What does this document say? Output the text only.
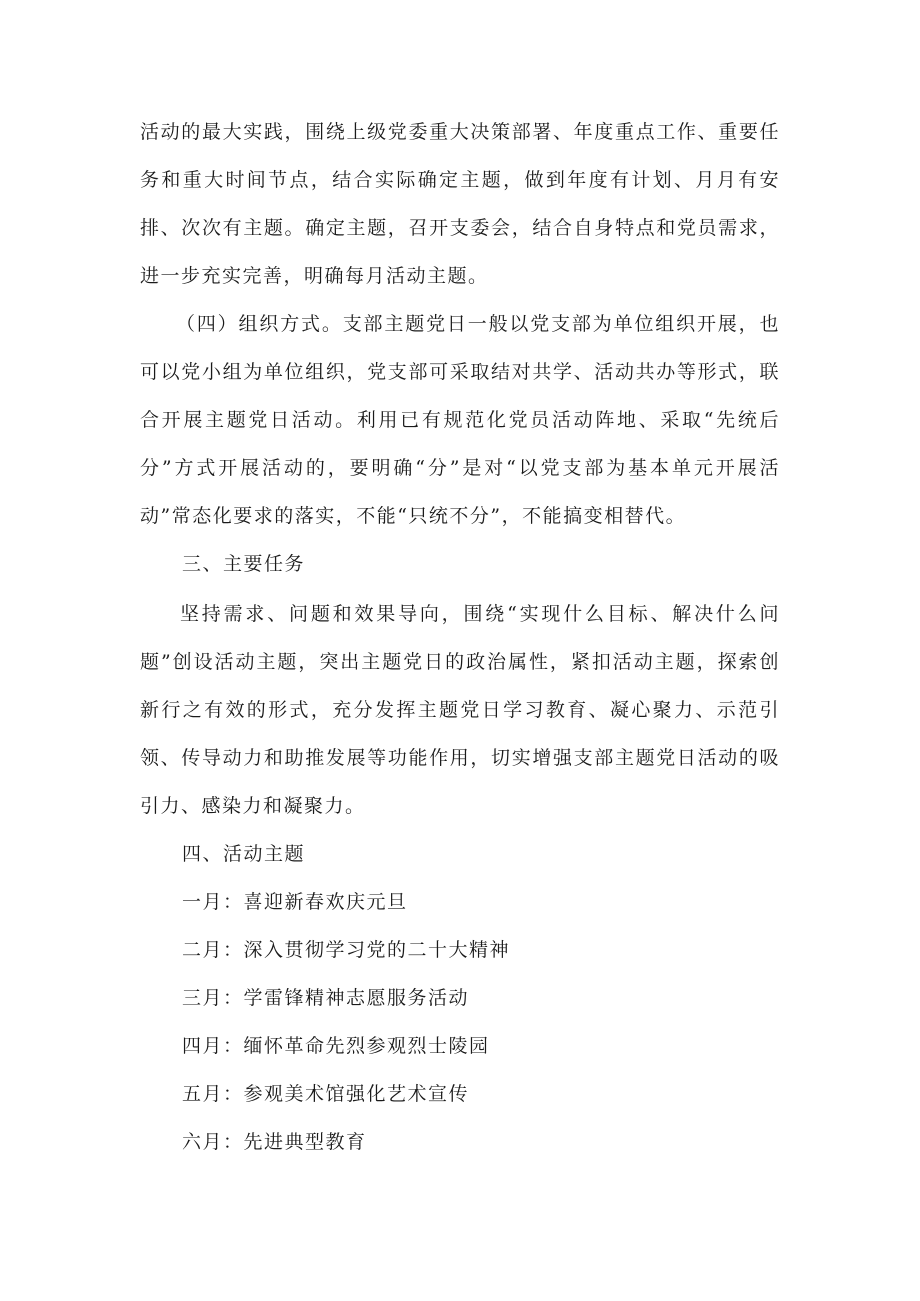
活动的最大实践，围绕上级党委重大决策部署、年度重点工作、重要任务和重大时间节点，结合实际确定主题，做到年度有计划、月月有安排、次次有主题。确定主题，召开支委会，结合自身特点和党员需求，进一步充实完善，明确每月活动主题。

（四）组织方式。支部主题党日一般以党支部为单位组织开展，也可以党小组为单位组织，党支部可采取结对共学、活动共办等形式，联合开展主题党日活动。利用已有规范化党员活动阵地、采取“先统后分”方式开展活动的，要明确“分”是对“以党支部为基本单元开展活动”常态化要求的落实，不能“只统不分”，不能搞变相替代。

三、主要任务

坚持需求、问题和效果导向，围绕“实现什么目标、解决什么问题”创设活动主题，突出主题党日的政治属性，紧扣活动主题，探索创新行之有效的形式，充分发挥主题党日学习教育、凝心聚力、示范引领、传导动力和助推发展等功能作用，切实增强支部主题党日活动的吸引力、感染力和凝聚力。

四、活动主题

一月：喜迎新春欢庆元旦

二月：深入贯彻学习党的二十大精神

三月：学雷锋精神志愿服务活动

四月：缅怀革命先烈参观烈士陵园

五月：参观美术馆强化艺术宣传

六月：先进典型教育
